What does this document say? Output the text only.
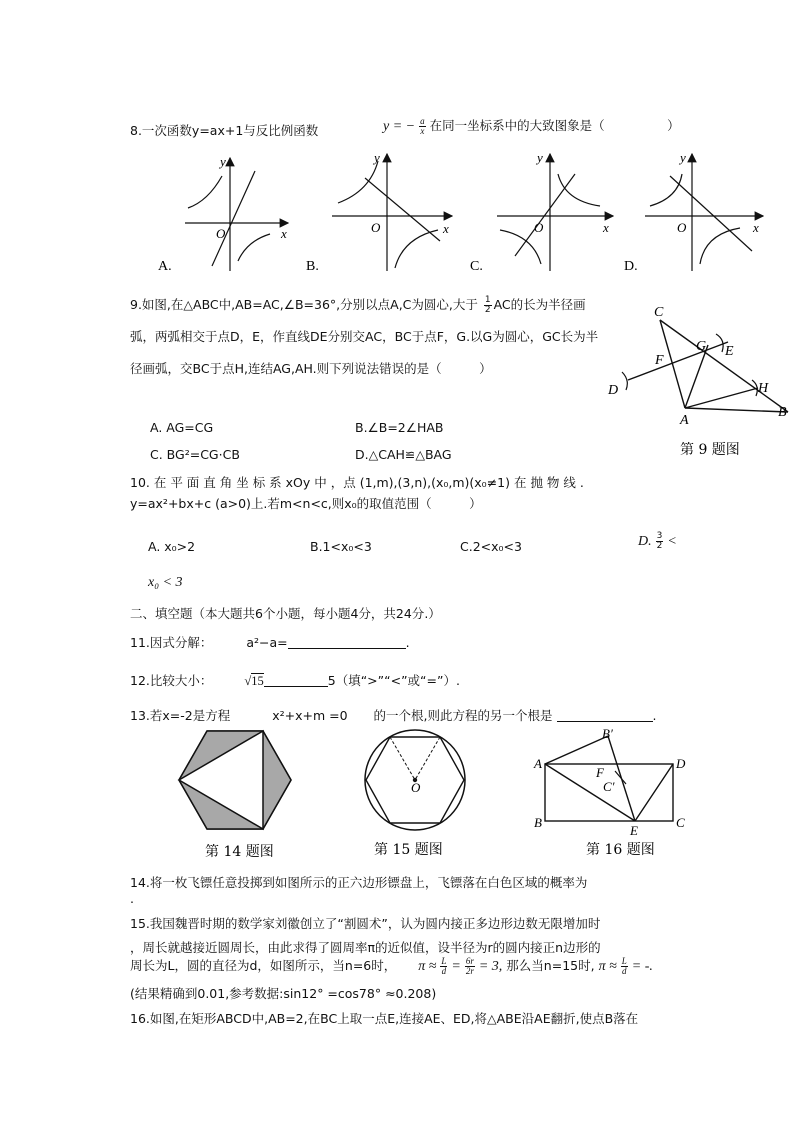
8.一次函数y=ax+1与反比例函数	y = − $\frac{a}{x}$ 在同一坐标系中的大致图象是（　　　　　）
y
x
O
A.
y
x
O
B.
y
x
O
C.
y
x
O
D.
9.如图,在△ABC中,AB=AC,∠B=36°,分别以点A,C为圆心,大于 $\frac{1}{2}$ AC的长为半径画
弧，两弧相交于点D，E，作直线DE分别交AC，BC于点F，G.以G为圆心，GC长为半
径画弧，交BC于点H,连结AG,AH.则下列说法错误的是（　　　）
A. AG=CG	B.∠B=2∠HAB
C. BG²=CG·CB	D.△CAH≌△BAG
C
G E
F
D	H
A
B
第 9 题图
10. 在 平 面 直 角 坐 标 系 xOy 中 ，点 (1,m),(3,n),(x₀,m)(x₀≠1) 在 抛 物 线 .
y=ax²+bx+c (a>0)上.若m<n<c,则x₀的取值范围（　　　）
A. x₀>2	B.1<x₀<3	C.2<x₀<3	D. $\frac{3}{2}$ <
x₀ < 3
二、填空题（本大题共6个小题，每小题4分，共24分.）
11.因式分解：	a²−a=	.
12.比较大小：	√15	5（填“>”“<”或“=”）.
13.若x=-2是方程	x²+x+m =0 的一个根,则此方程的另一个根是	.
第 14 题图
O
第 15 题图
A
B′
D
F
C′
B
E
C
第 16 题图
14.将一枚飞镖任意投掷到如图所示的正六边形镖盘上，飞镖落在白色区域的概率为
.
15.我国魏晋时期的数学家刘徽创立了“割圆术”，认为圆内接正多边形边数无限增加时
，周长就越接近圆周长，由此求得了圆周率π的近似值，设半径为r的圆内接正n边形的
周长为L，圆的直径为d，如图所示，当n=6时， $\pi \approx \frac{L}{d} = \frac{6r}{2r} = 3$, 那么当n=15时, $\pi \approx \frac{L}{d}$ = -.
(结果精确到0.01,参考数据:sin12° =cos78° ≈0.208)
16.如图,在矩形ABCD中,AB=2,在BC上取一点E,连接AE、ED,将△ABE沿AE翻折,使点B落在
